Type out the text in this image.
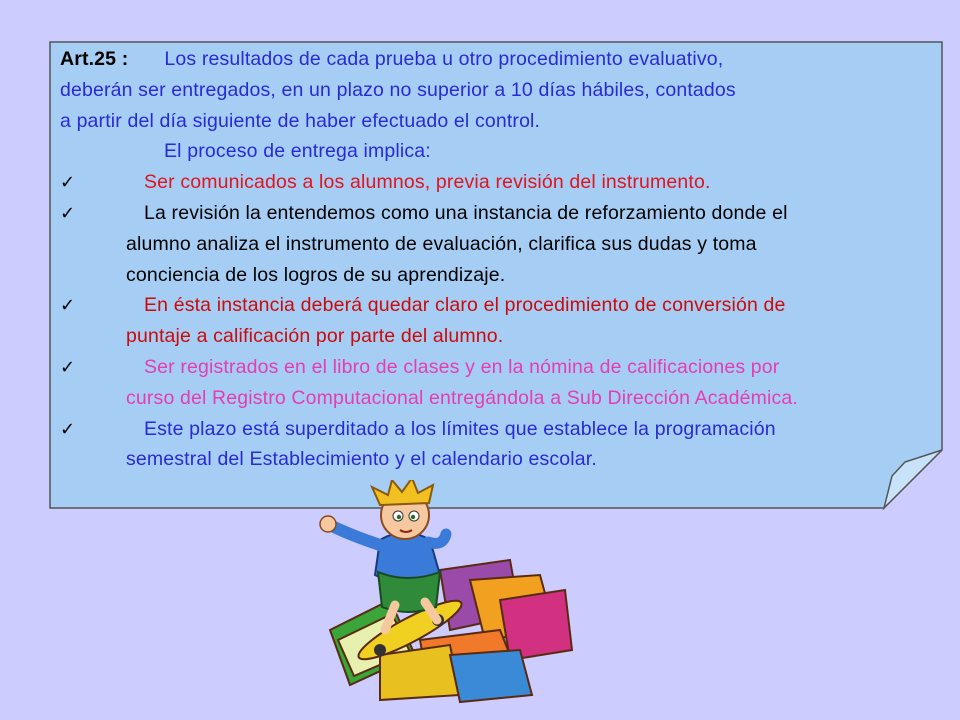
Art.25 : Los resultados de cada prueba u otro procedimiento evaluativo,
deberán ser entregados, en un plazo no superior a 10 días hábiles, contados
a partir del día siguiente de haber efectuado el control.
El proceso de entrega implica:
✓	Ser comunicados a los alumnos, previa revisión del instrumento.
✓	La revisión la entendemos como una instancia de reforzamiento donde el
alumno analiza el instrumento de evaluación, clarifica sus dudas y toma
conciencia de los logros de su aprendizaje.
✓	En ésta instancia deberá quedar claro el procedimiento de conversión de
puntaje a calificación por parte del alumno.
✓	Ser registrados en el libro de clases y en la nómina de calificaciones por
curso del Registro Computacional entregándola a Sub Dirección Académica.
✓	Este plazo está superditado a los límites que establece la programación
semestral del Establecimiento y el calendario escolar.
